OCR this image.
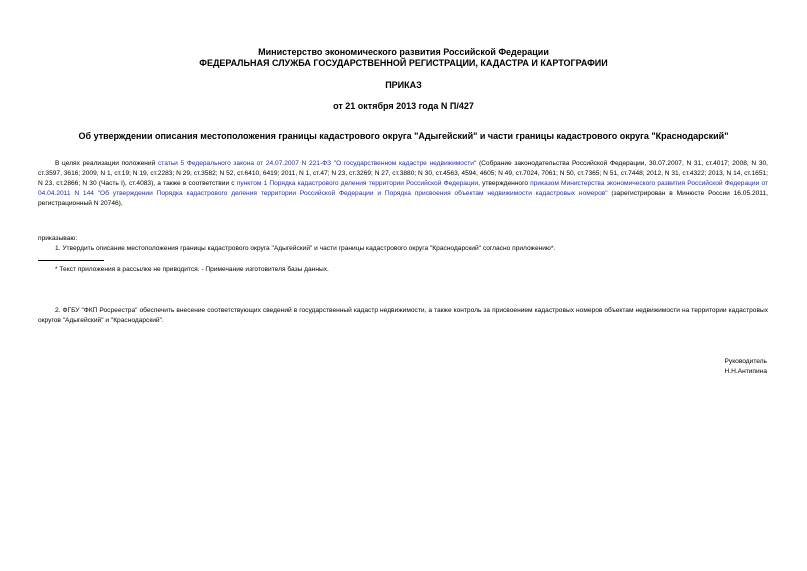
Министерство экономического развития Российской Федерации
ФЕДЕРАЛЬНАЯ СЛУЖБА ГОСУДАРСТВЕННОЙ РЕГИСТРАЦИИ, КАДАСТРА И КАРТОГРАФИИ
ПРИКАЗ
от 21 октября 2013 года N П/427
Об утверждении описания местоположения границы кадастрового округа "Адыгейский" и части границы кадастрового округа "Краснодарский"
В целях реализации положений статьи 5 Федерального закона от 24.07.2007 N 221-ФЗ "О государственном кадастре недвижимости" (Собрание законодательства Российской Федерации, 30.07.2007, N 31, ст.4017; 2008, N 30, ст.3597, 3616; 2009, N 1, ст.19; N 19, ст.2283; N 29, ст.3582; N 52, ст.6410, 6419; 2011, N 1, ст.47; N 23, ст.3269; N 27, ст.3880; N 30, ст.4563, 4594, 4605; N 49, ст.7024, 7061; N 50, ст.7365; N 51, ст.7448; 2012, N 31, ст.4322; 2013, N 14, ст.1651; N 23, ст.2866; N 30 (Часть I), ст.4083), а также в соответствии с пунктом 1 Порядка кадастрового деления территории Российской Федерации, утвержденного приказом Министерства экономического развития Российской Федерации от 04.04.2011 N 144 "Об утверждении Порядка кадастрового деления территории Российской Федерации и Порядка присвоения объектам недвижимости кадастровых номеров" (зарегистрирован в Минюсте России 16.05.2011, регистрационный N 20746),
приказываю:
1. Утвердить описание местоположения границы кадастрового округа "Адыгейский" и части границы кадастрового округа "Краснодарский" согласно приложению*.
* Текст приложения в рассылке не приводится. - Примечание изготовителя базы данных.
2. ФГБУ "ФКП Росреестра" обеспечить внесение соответствующих сведений в государственный кадастр недвижимости, а также контроль за присвоением кадастровых номеров объектам недвижимости на территории кадастровых округов "Адыгейский" и "Краснодарский".
Руководитель
Н.Н.Антипина
